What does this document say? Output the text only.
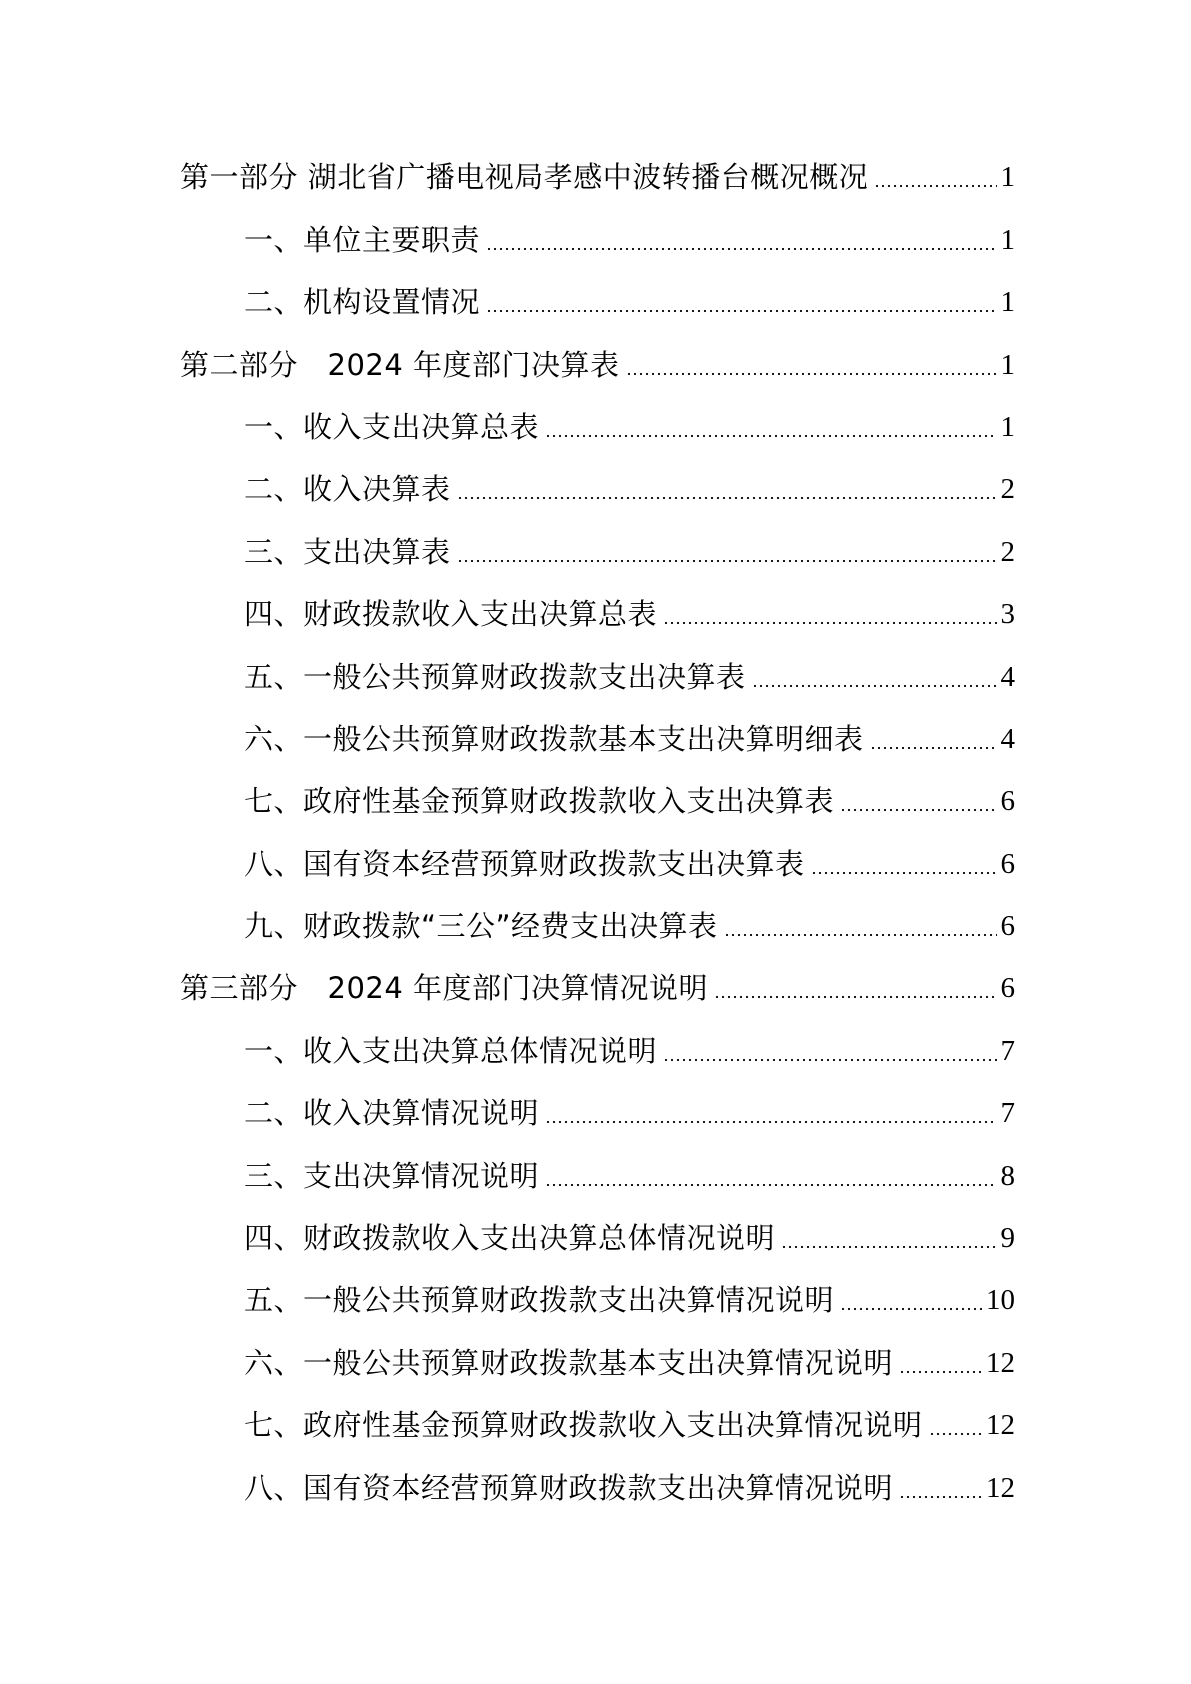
第一部分 湖北省广播电视局孝感中波转播台概况概况	1
一、单位主要职责	1
二、机构设置情况	1
第二部分　2024 年度部门决算表	1
一、收入支出决算总表	1
二、收入决算表	2
三、支出决算表	2
四、财政拨款收入支出决算总表	3
五、一般公共预算财政拨款支出决算表	4
六、一般公共预算财政拨款基本支出决算明细表	4
七、政府性基金预算财政拨款收入支出决算表	6
八、国有资本经营预算财政拨款支出决算表	6
九、财政拨款“三公”经费支出决算表	6
第三部分　2024 年度部门决算情况说明	6
一、收入支出决算总体情况说明	7
二、收入决算情况说明	7
三、支出决算情况说明	8
四、财政拨款收入支出决算总体情况说明	9
五、一般公共预算财政拨款支出决算情况说明	10
六、一般公共预算财政拨款基本支出决算情况说明	12
七、政府性基金预算财政拨款收入支出决算情况说明 12
八、国有资本经营预算财政拨款支出决算情况说明	12
